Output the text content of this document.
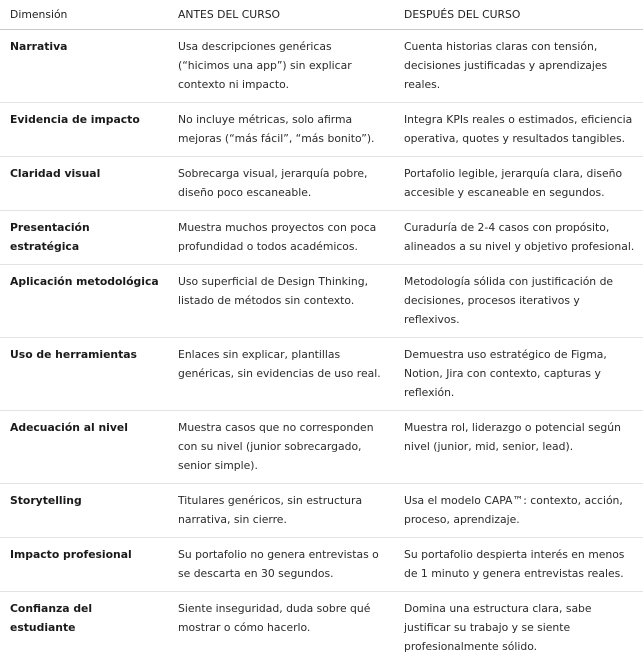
Dimensión	ANTES DEL CURSO	DESPUÉS DEL CURSO
Narrativa	Usa descripciones genéricas (“hicimos una app”) sin explicar contexto ni impacto.	Cuenta historias claras con tensión, decisiones justificadas y aprendizajes reales.
Evidencia de impacto	No incluye métricas, solo afirma mejoras (“más fácil”, “más bonito”).	Integra KPIs reales o estimados, eficiencia operativa, quotes y resultados tangibles.
Claridad visual	Sobrecarga visual, jerarquía pobre, diseño poco escaneable.	Portafolio legible, jerarquía clara, diseño accesible y escaneable en segundos.
Presentación estratégica	Muestra muchos proyectos con poca profundidad o todos académicos.	Curaduría de 2-4 casos con propósito, alineados a su nivel y objetivo profesional.
Aplicación metodológica	Uso superficial de Design Thinking, listado de métodos sin contexto.	Metodología sólida con justificación de decisiones, procesos iterativos y reflexivos.
Uso de herramientas	Enlaces sin explicar, plantillas genéricas, sin evidencias de uso real.	Demuestra uso estratégico de Figma, Notion, Jira con contexto, capturas y reflexión.
Adecuación al nivel	Muestra casos que no corresponden con su nivel (junior sobrecargado, senior simple).	Muestra rol, liderazgo o potencial según nivel (junior, mid, senior, lead).
Storytelling	Titulares genéricos, sin estructura narrativa, sin cierre.	Usa el modelo CAPA™: contexto, acción, proceso, aprendizaje.
Impacto profesional	Su portafolio no genera entrevistas o se descarta en 30 segundos.	Su portafolio despierta interés en menos de 1 minuto y genera entrevistas reales.
Confianza del estudiante	Siente inseguridad, duda sobre qué mostrar o cómo hacerlo.	Domina una estructura clara, sabe justificar su trabajo y se siente profesionalmente sólido.
